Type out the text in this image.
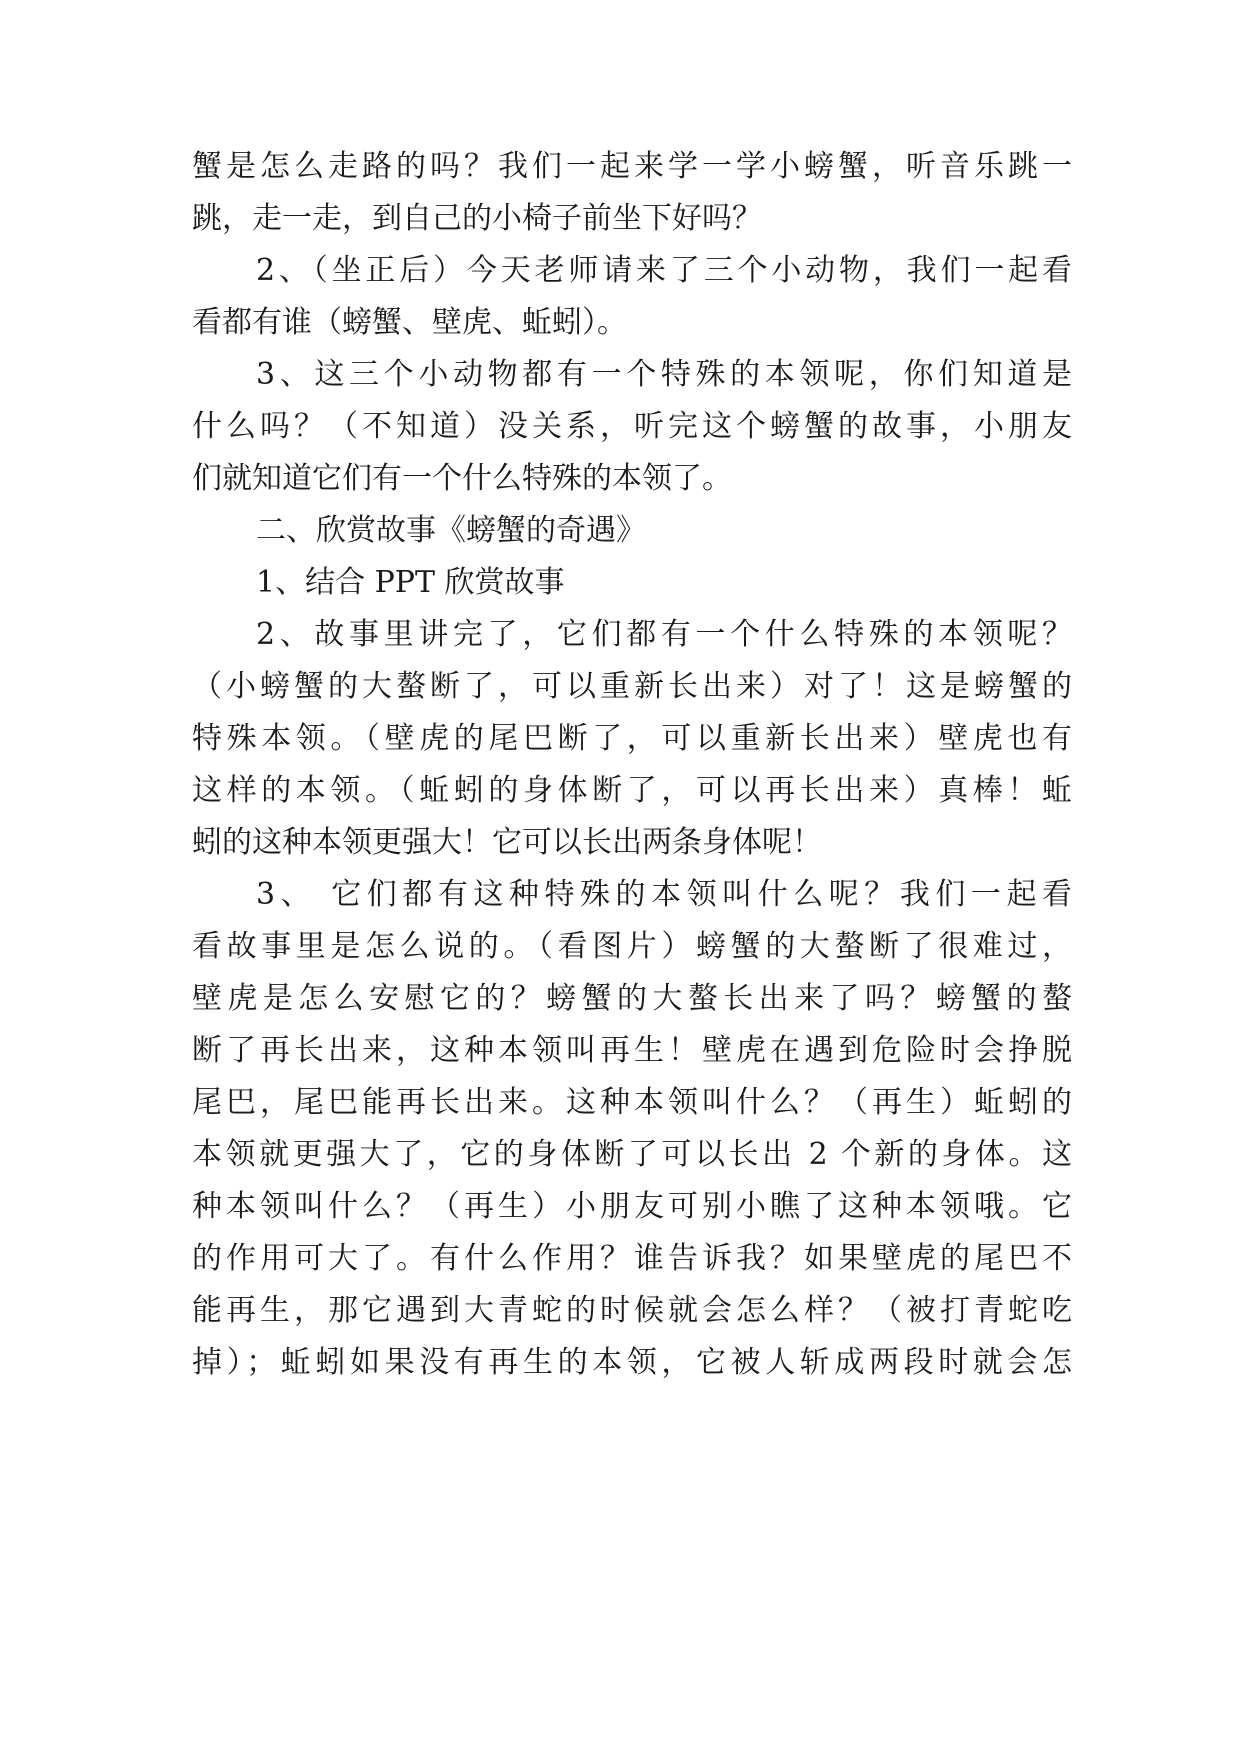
蟹是怎么走路的吗？我们一起来学一学小螃蟹，听音乐跳一
跳，走一走，到自己的小椅子前坐下好吗？
2、（坐正后）今天老师请来了三个小动物，我们一起看
看都有谁（螃蟹、壁虎、蚯蚓）。
3、这三个小动物都有一个特殊的本领呢，你们知道是
什么吗？（不知道）没关系，听完这个螃蟹的故事，小朋友
们就知道它们有一个什么特殊的本领了。
二、欣赏故事《螃蟹的奇遇》
1、结合 PPT 欣赏故事
2、故事里讲完了，它们都有一个什么特殊的本领呢？
（小螃蟹的大螯断了，可以重新长出来）对了！这是螃蟹的
特殊本领。（壁虎的尾巴断了，可以重新长出来）壁虎也有
这样的本领。（蚯蚓的身体断了，可以再长出来）真棒！蚯
蚓的这种本领更强大！它可以长出两条身体呢！
3、 它们都有这种特殊的本领叫什么呢？我们一起看
看故事里是怎么说的。（看图片）螃蟹的大螯断了很难过，
壁虎是怎么安慰它的？螃蟹的大螯长出来了吗？螃蟹的螯
断了再长出来，这种本领叫再生！壁虎在遇到危险时会挣脱
尾巴，尾巴能再长出来。这种本领叫什么？（再生）蚯蚓的
本领就更强大了，它的身体断了可以长出 2 个新的身体。这
种本领叫什么？（再生）小朋友可别小瞧了这种本领哦。它
的作用可大了。有什么作用？谁告诉我？如果壁虎的尾巴不
能再生，那它遇到大青蛇的时候就会怎么样？（被打青蛇吃
掉）；蚯蚓如果没有再生的本领，它被人斩成两段时就会怎
